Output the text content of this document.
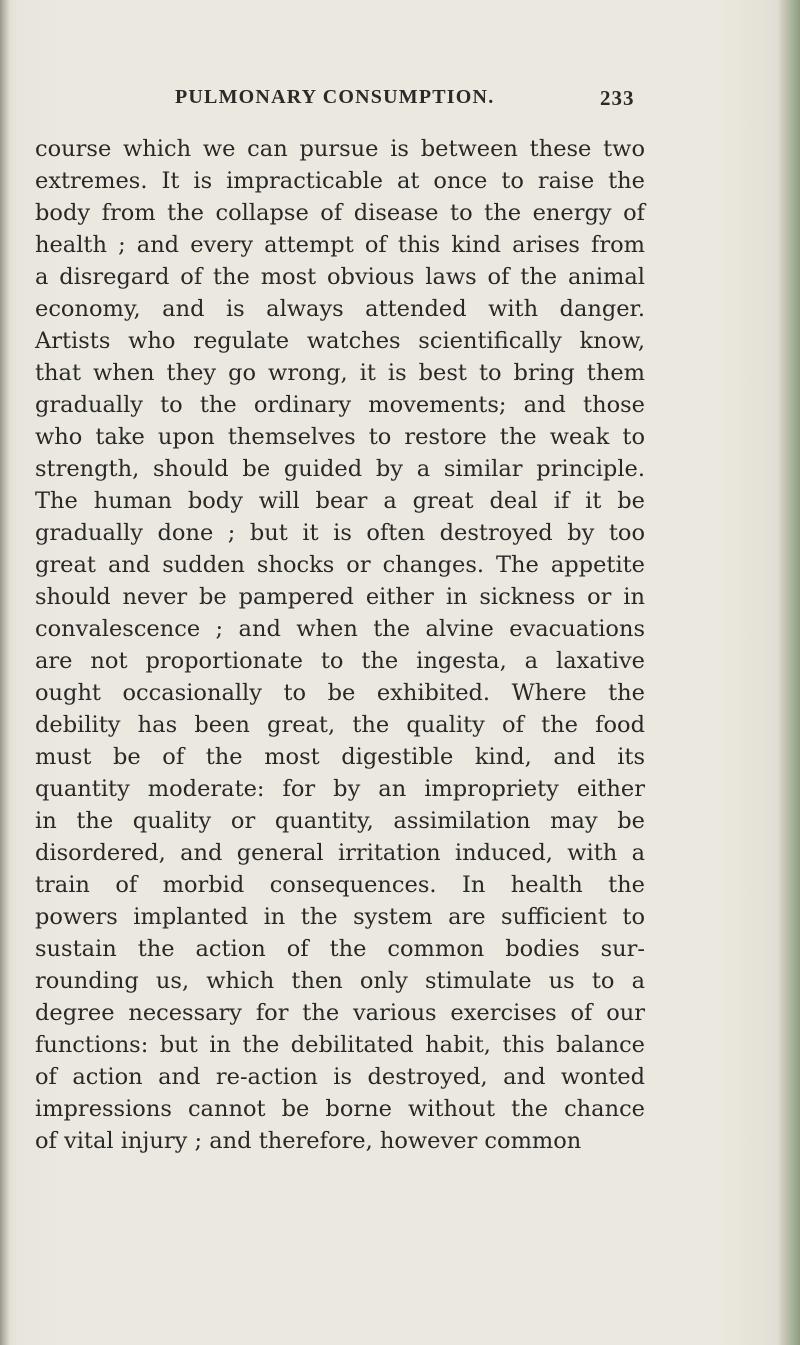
PULMONARY CONSUMPTION.	233
course which we can pursue is between these two
extremes. It is impracticable at once to raise the
body from the collapse of disease to the energy of
health ; and every attempt of this kind arises from
a disregard of the most obvious laws of the animal
economy, and is always attended with danger.
Artists who regulate watches scientifically know,
that when they go wrong, it is best to bring them
gradually to the ordinary movements; and those
who take upon themselves to restore the weak to
strength, should be guided by a similar principle.
The human body will bear a great deal if it be
gradually done ; but it is often destroyed by too
great and sudden shocks or changes. The appetite
should never be pampered either in sickness or in
convalescence ; and when the alvine evacuations
are not proportionate to the ingesta, a laxative
ought occasionally to be exhibited. Where the
debility has been great, the quality of the food
must be of the most digestible kind, and its
quantity moderate: for by an impropriety either
in the quality or quantity, assimilation may be
disordered, and general irritation induced, with a
train of morbid consequences. In health the
powers implanted in the system are sufficient to
sustain the action of the common bodies sur-
rounding us, which then only stimulate us to a
degree necessary for the various exercises of our
functions: but in the debilitated habit, this balance
of action and re-action is destroyed, and wonted
impressions cannot be borne without the chance
of vital injury ; and therefore, however common
